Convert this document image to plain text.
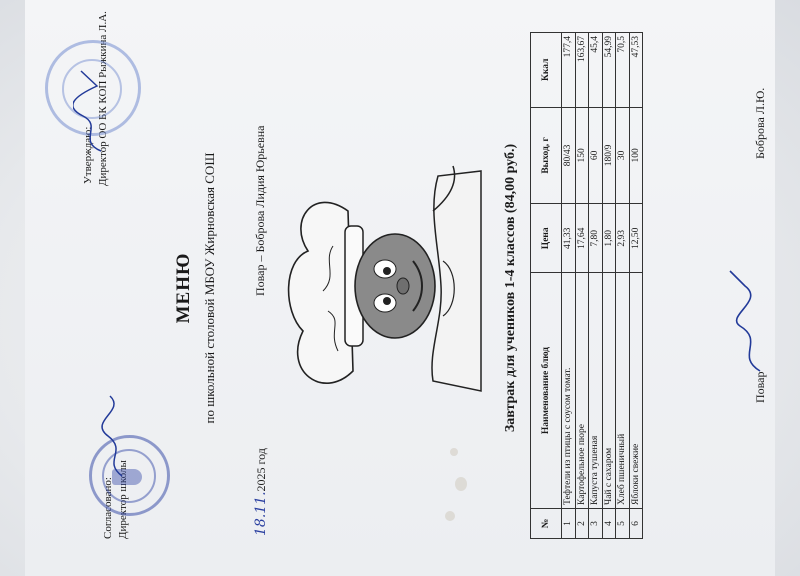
Согласовано: Директор школы
Утверждаю: Директор ОО БК КОП Рыжкина Л.А.
МЕНЮ по школьной столовой МБОУ Жирновская СОШ
18.11.2025 год
Повар – Боброва Лидия Юрьевна	Завтрак для учеников 1-4 классов (84,00 руб.)
№	Наименование блюд	Цена	Выход, г	Ккал
1	Тефтели из птицы с соусом томат.	41,33	80/43	177,4
2	Картофельное пюре	17,64	150	163,67
3	Капуста тушеная	7,80	60	45,4
4	Чай с сахаром	1,80	180/9	54,99
5	Хлеб пшеничный	2,93	30	70,5
6	Яблоки свежие	12,50	100	47,53
Повар
Боброва Л.Ю.
